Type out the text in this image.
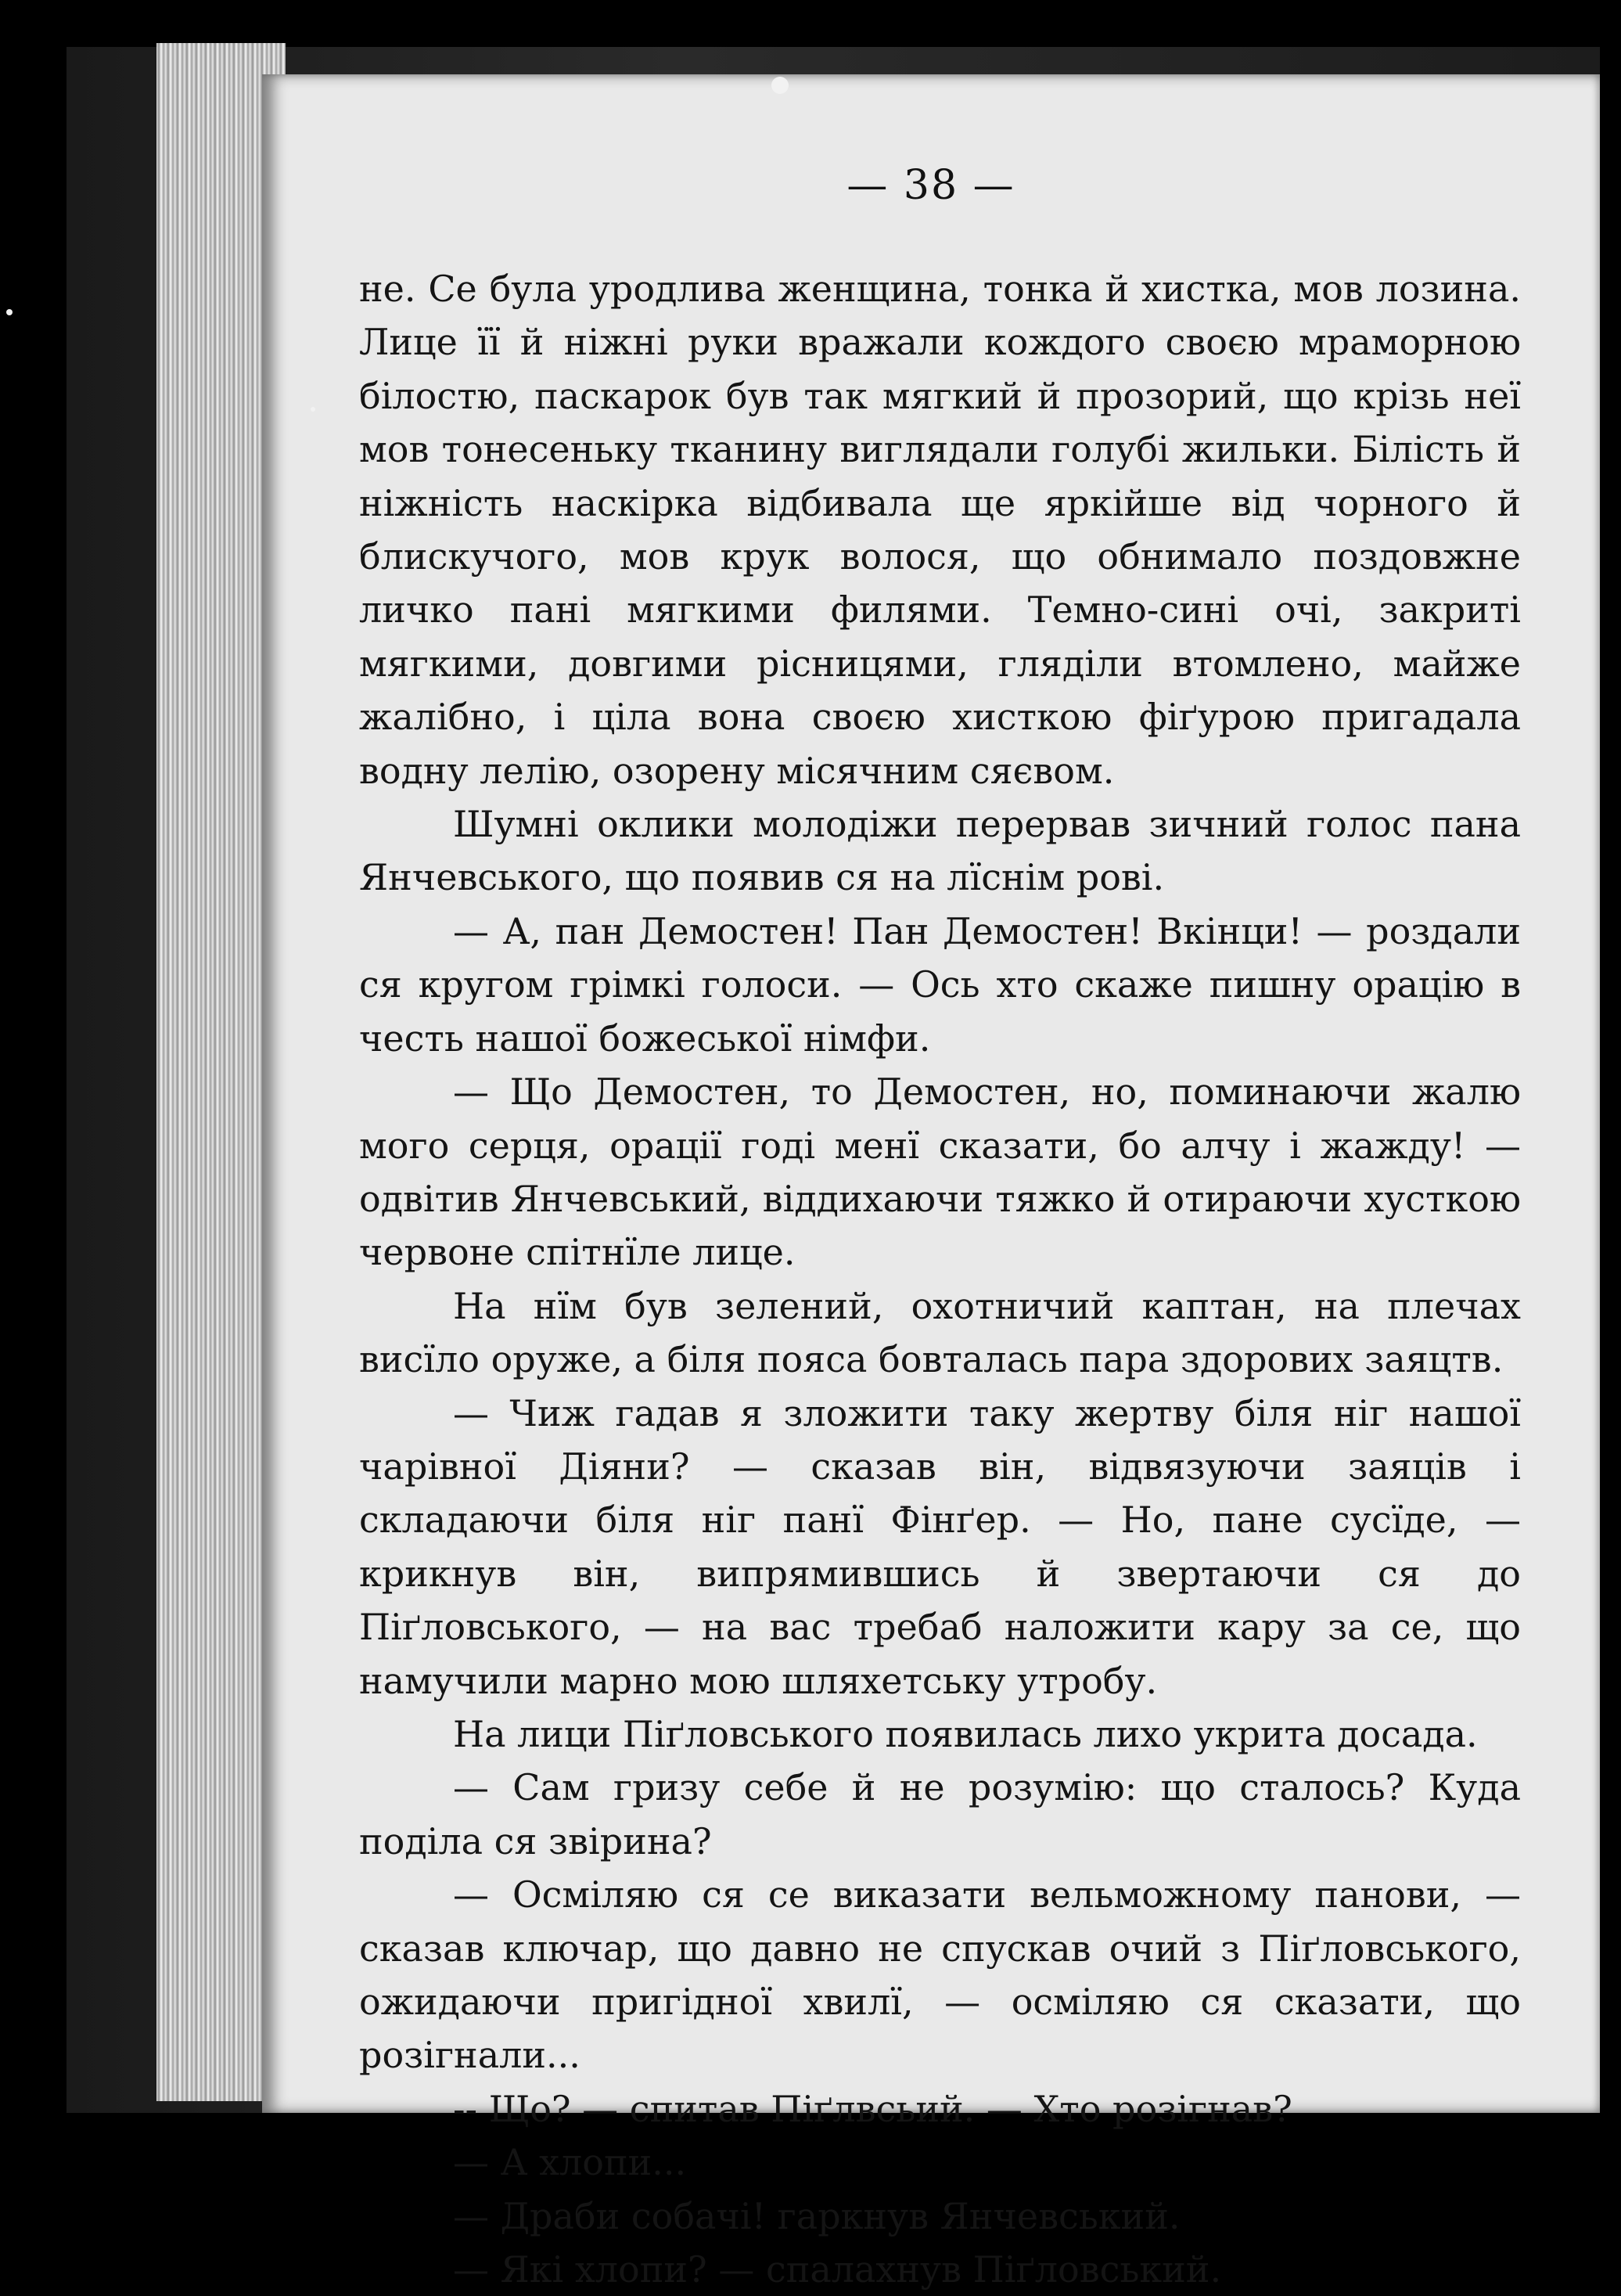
— 38 —

не. Се була уродлива женщина, тонка й хистка, мов лозина. Лице її й ніжні руки вражали кождого своєю мраморною білостю, паскарок був так мягкий й прозорий, що крізь неї мов тонесеньку тканину виглядали голубі жильки. Білість й ніжність наскірка відбивала ще яркійше від чорного й блискучого, мов крук волося, що обнимало поздовжне личко пані мягкими филями. Темно-сині очі, закриті мягкими, довгими рісницями, гляділи втомлено, майже жалібно, і ціла вона своєю хисткою фіґурою пригадала водну лелію, озорену місячним сяєвом.

Шумні оклики молодіжи перервав зичний голос пана Янчевського, що появив ся на лїснім рові.

— А, пан Демостен! Пан Демостен! Вкінци! — роздали ся кругом грімкі голоси. — Ось хто скаже пишну орацію в честь нашої божеської німфи.

— Що Демостен, то Демостен, но, поминаючи жалю мого серця, орації годі менї сказати, бо алчу і жажду! — одвітив Янчевський, віддихаючи тяжко й отираючи хусткою червоне спітнїле лице.

На нїм був зелений, охотничий каптан, на плечах висїло оруже, а біля пояса бовталась пара здорових заяцтв.

— Чиж гадав я зложити таку жертву біля ніг нашої чарівної Діяни? — сказав він, відвязуючи заяців і складаючи біля ніг панї Фінґер. — Но, пане сусїде, — крикнув він, випрямившись й звертаючи ся до Піґловського, — на вас требаб наложити кару за се, що намучили марно мою шляхетську утробу.

На лици Піґловського появилась лихо укрита досада.

— Сам гризу себе й не розумію: що сталось? Куда поділа ся звірина?

— Осміляю ся се виказати вельможному панови, — сказав ключар, що давно не спускав очий з Піґловського, ожидаючи пригідної хвилї, — осміляю ся сказати, що розігнали...

-- Що? — спитав Піґлвсьий. — Хто розігнав?

— А хлопи...

— Драби собачі! гаркнув Янчевський.

— Які хлопи? — спалахнув Піґловський.
